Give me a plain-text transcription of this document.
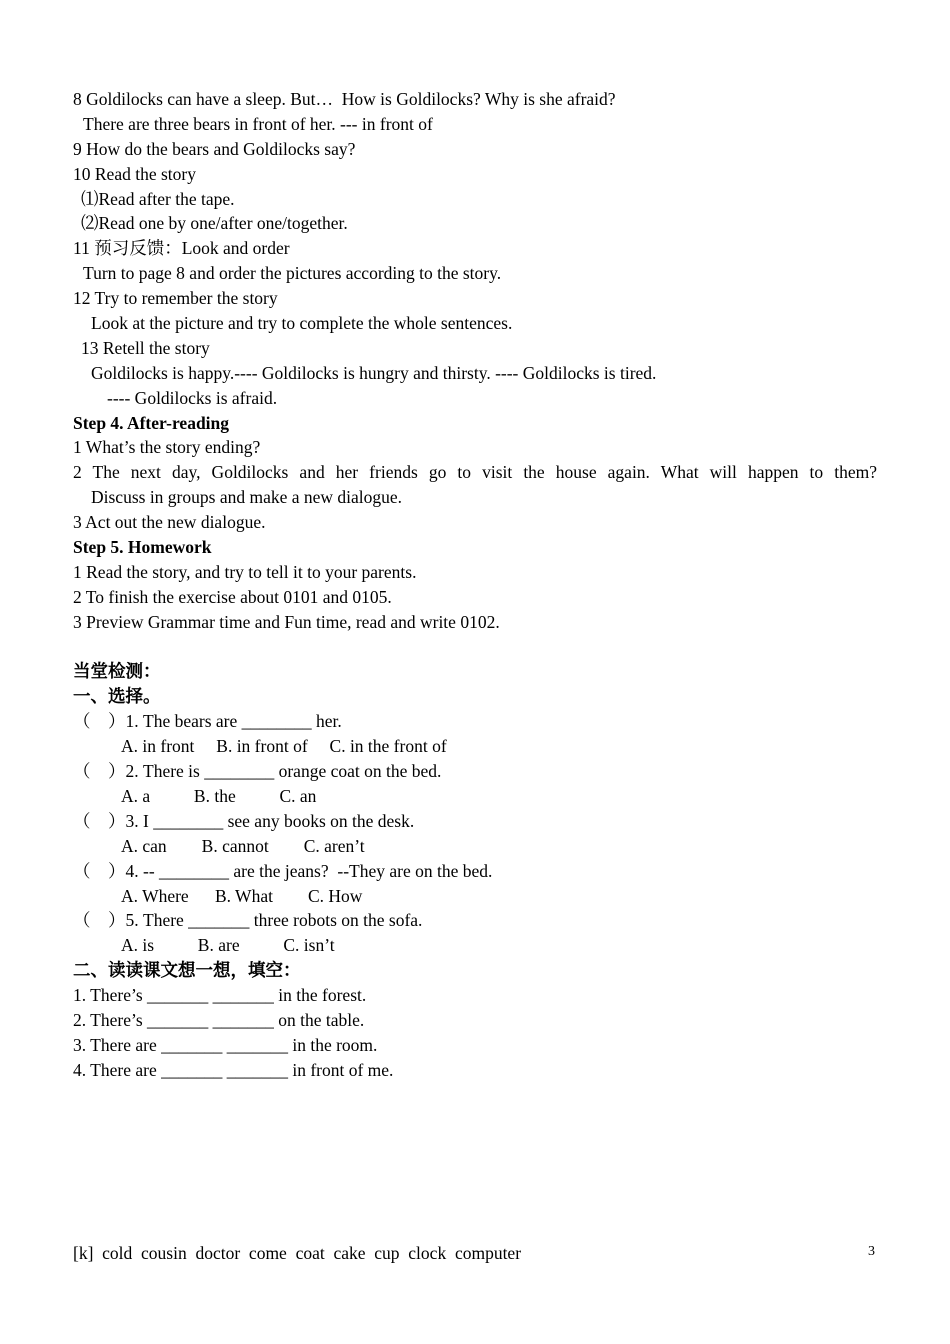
8 Goldilocks can have a sleep. But…  How is Goldilocks? Why is she afraid?
There are three bears in front of her. --- in front of
9 How do the bears and Goldilocks say?
10 Read the story
⑴Read after the tape.
⑵Read one by one/after one/together.
11 预习反馈：Look and order
Turn to page 8 and order the pictures according to the story.
12 Try to remember the story
Look at the picture and try to complete the whole sentences.
13 Retell the story
Goldilocks is happy.---- Goldilocks is hungry and thirsty. ---- Goldilocks is tired.
---- Goldilocks is afraid.
Step 4. After-reading
1 What’s the story ending?
2 The next day, Goldilocks and her friends go to visit the house again. What will happen to them?
Discuss in groups and make a new dialogue.
3 Act out the new dialogue.
Step 5. Homework
1 Read the story, and try to tell it to your parents.
2 To finish the exercise about 0101 and 0105.
3 Preview Grammar time and Fun time, read and write 0102.
当堂检测：
一、选择。
（    ）1. The bears are ________ her.
A. in front     B. in front of     C. in the front of
（    ）2. There is ________ orange coat on the bed.
A. a          B. the          C. an
（    ）3. I ________ see any books on the desk.
A. can        B. cannot        C. aren’t
（    ）4. -- ________ are the jeans?  --They are on the bed.
A. Where      B. What        C. How
（    ）5. There _______ three robots on the sofa.
A. is          B. are          C. isn’t
二、读读课文想一想，填空：
1. There’s _______ _______ in the forest.
2. There’s _______ _______ on the table.
3. There are _______ _______ in the room.
4. There are _______ _______ in front of me.
[k]  cold  cousin  doctor  come  coat  cake  cup  clock  computer	3
